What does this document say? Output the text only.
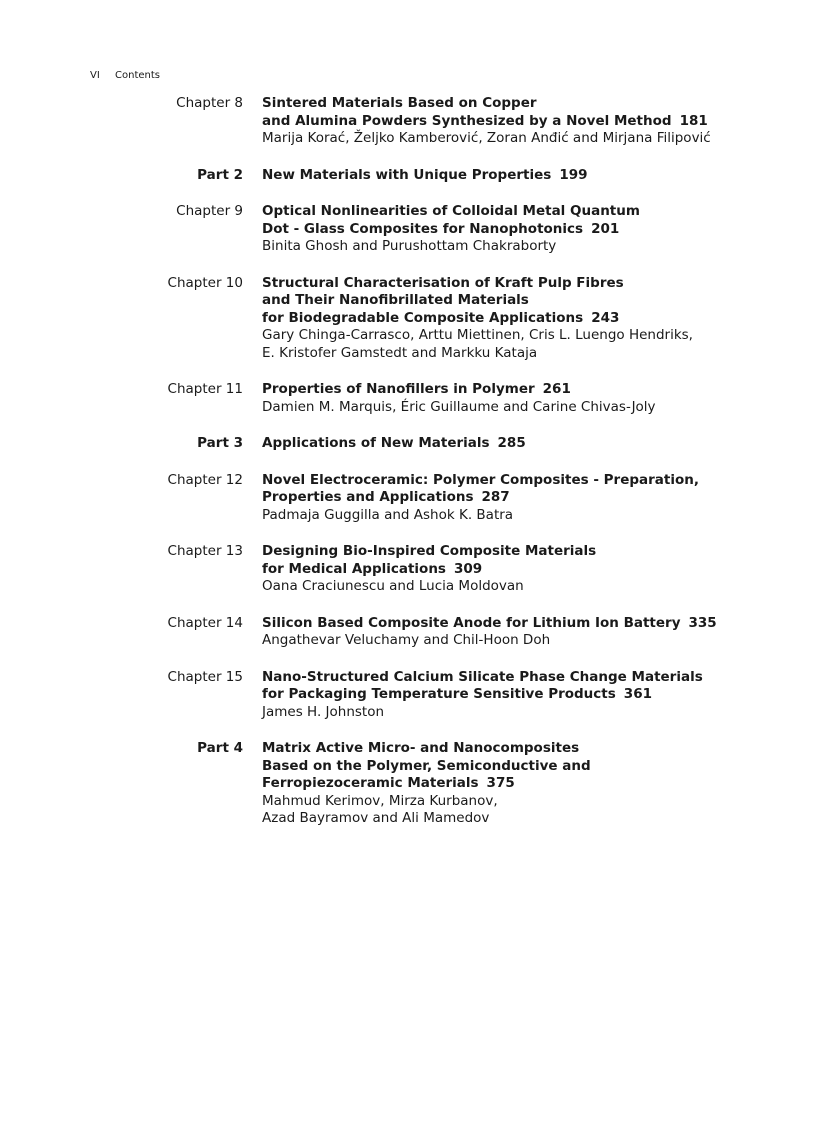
VI Contents
Chapter 8 Sintered Materials Based on Copper
and Alumina Powders Synthesized by a Novel Method 181
Marija Korać, Željko Kamberović, Zoran Anđić and Mirjana Filipović
Part 2 New Materials with Unique Properties 199
Chapter 9 Optical Nonlinearities of Colloidal Metal Quantum
Dot - Glass Composites for Nanophotonics 201
Binita Ghosh and Purushottam Chakraborty
Chapter 10 Structural Characterisation of Kraft Pulp Fibres
and Their Nanofibrillated Materials
for Biodegradable Composite Applications 243
Gary Chinga-Carrasco, Arttu Miettinen, Cris L. Luengo Hendriks,
E. Kristofer Gamstedt and Markku Kataja
Chapter 11 Properties of Nanofillers in Polymer 261
Damien M. Marquis, Éric Guillaume and Carine Chivas-Joly
Part 3 Applications of New Materials 285
Chapter 12 Novel Electroceramic: Polymer Composites - Preparation,
Properties and Applications 287
Padmaja Guggilla and Ashok K. Batra
Chapter 13 Designing Bio-Inspired Composite Materials
for Medical Applications 309
Oana Craciunescu and Lucia Moldovan
Chapter 14 Silicon Based Composite Anode for Lithium Ion Battery 335
Angathevar Veluchamy and Chil-Hoon Doh
Chapter 15 Nano-Structured Calcium Silicate Phase Change Materials
for Packaging Temperature Sensitive Products 361
James H. Johnston
Part 4 Matrix Active Micro- and Nanocomposites
Based on the Polymer, Semiconductive and
Ferropiezoceramic Materials 375
Mahmud Kerimov, Mirza Kurbanov,
Azad Bayramov and Ali Mamedov
